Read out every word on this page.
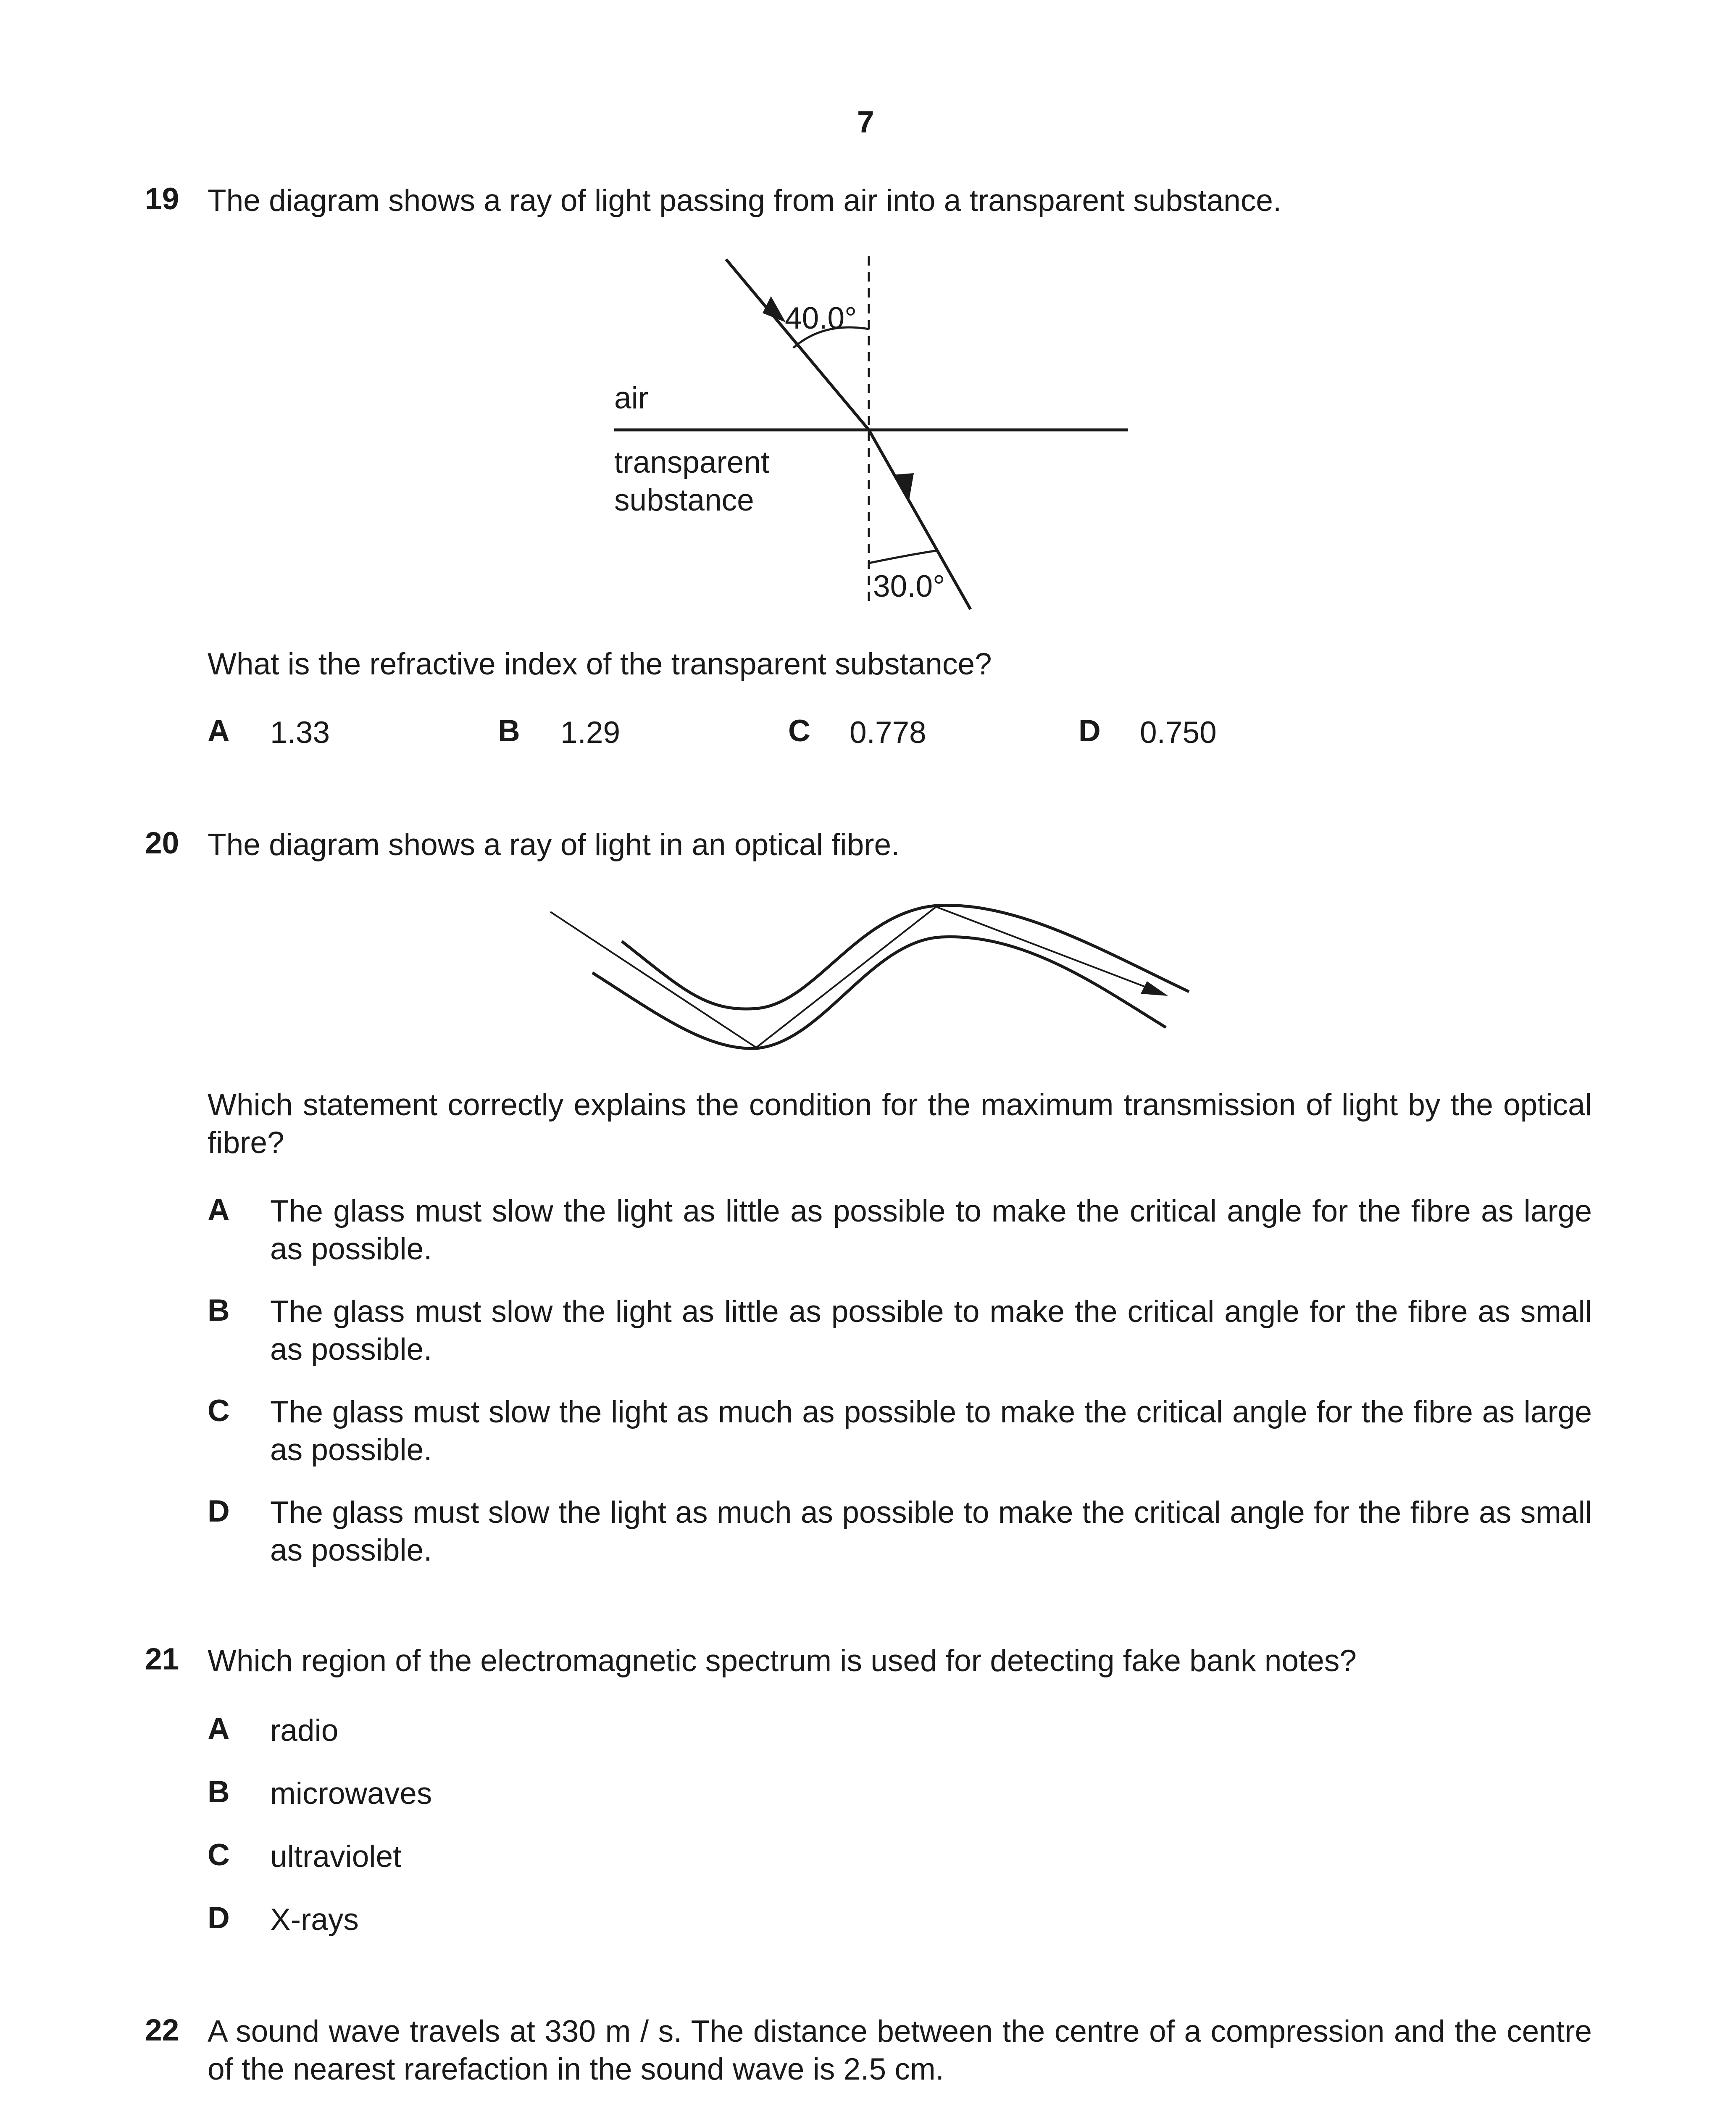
7
19 The diagram shows a ray of light passing from air into a transparent substance.
40.0°
30.0°
air
transparent
substance
What is the refractive index of the transparent substance?
A 1.33	B 1.29	C 0.778	D 0.750
20 The diagram shows a ray of light in an optical fibre.
Which statement correctly explains the condition for the maximum transmission of light by the optical fibre?
A The glass must slow the light as little as possible to make the critical angle for the fibre as large as possible.
B The glass must slow the light as little as possible to make the critical angle for the fibre as small as possible.
C The glass must slow the light as much as possible to make the critical angle for the fibre as large as possible.
D The glass must slow the light as much as possible to make the critical angle for the fibre as small as possible.
21 Which region of the electromagnetic spectrum is used for detecting fake bank notes?
A radio
B microwaves
C ultraviolet
D X-rays
22 A sound wave travels at 330 m / s. The distance between the centre of a compression and the centre of the nearest rarefaction in the sound wave is 2.5 cm.
